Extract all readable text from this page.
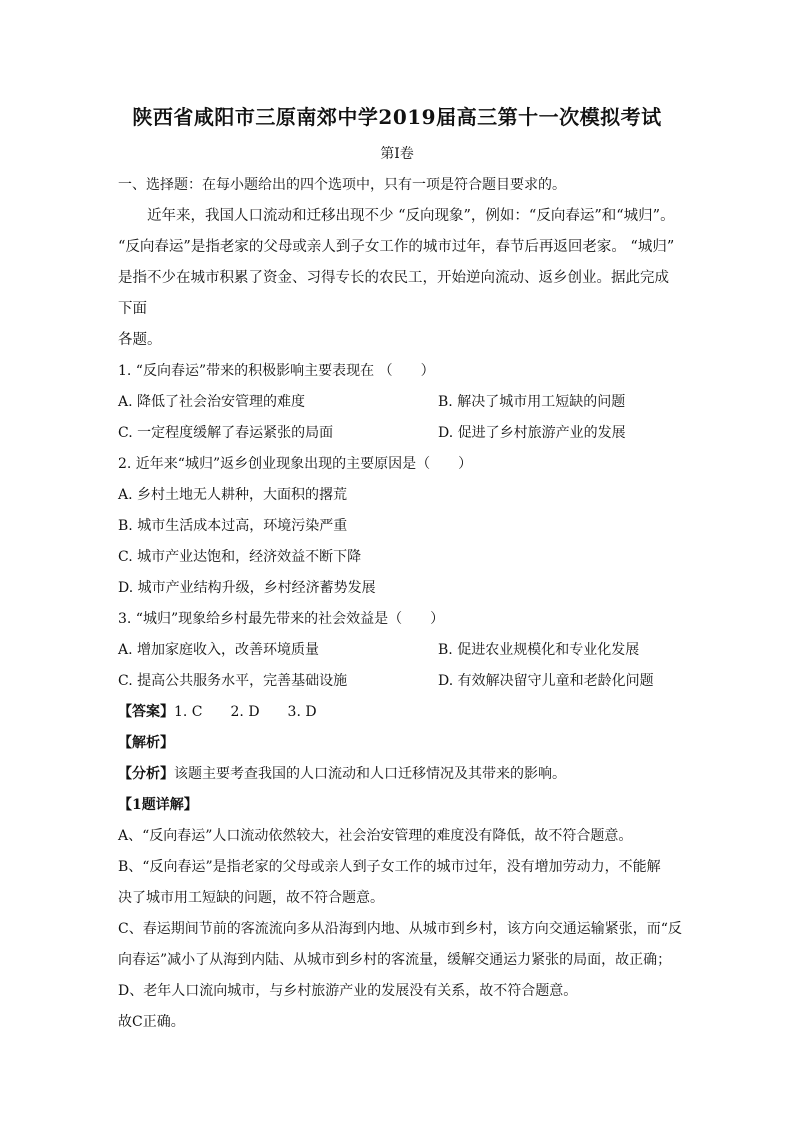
陕西省咸阳市三原南郊中学2019届高三第十一次模拟考试
第I卷
一、选择题：在每小题给出的四个选项中，只有一项是符合题目要求的。
近年来，我国人口流动和迁移出现不少 “反向现象”，例如：“反向春运”和“城归”。
“反向春运”是指老家的父母或亲人到子女工作的城市过年，春节后再返回老家。 “城归”
是指不少在城市积累了资金、习得专长的农民工，开始逆向流动、返乡创业。据此完成下面
各题。
1. “反向春运”带来的积极影响主要表现在 （　　）
A. 降低了社会治安管理的难度	B. 解决了城市用工短缺的问题
C. 一定程度缓解了春运紧张的局面	D. 促进了乡村旅游产业的发展
2. 近年来“城归”返乡创业现象出现的主要原因是（　　）
A. 乡村土地无人耕种，大面积的撂荒
B. 城市生活成本过高，环境污染严重
C. 城市产业达饱和，经济效益不断下降
D. 城市产业结构升级，乡村经济蓄势发展
3. “城归”现象给乡村最先带来的社会效益是（　　）
A. 增加家庭收入，改善环境质量	B. 促进农业规模化和专业化发展
C. 提高公共服务水平，完善基础设施	D. 有效解决留守儿童和老龄化问题
【答案】1. C　　2. D　　3. D
【解析】
【分析】该题主要考查我国的人口流动和人口迁移情况及其带来的影响。
【1题详解】
A、“反向春运”人口流动依然较大，社会治安管理的难度没有降低，故不符合题意。
B、“反向春运”是指老家的父母或亲人到子女工作的城市过年，没有增加劳动力，不能解
决了城市用工短缺的问题，故不符合题意。
C、春运期间节前的客流流向多从沿海到内地、从城市到乡村，该方向交通运输紧张，而“反
向春运”减小了从海到内陆、从城市到乡村的客流量，缓解交通运力紧张的局面，故正确；
D、老年人口流向城市，与乡村旅游产业的发展没有关系，故不符合题意。
故C正确。
